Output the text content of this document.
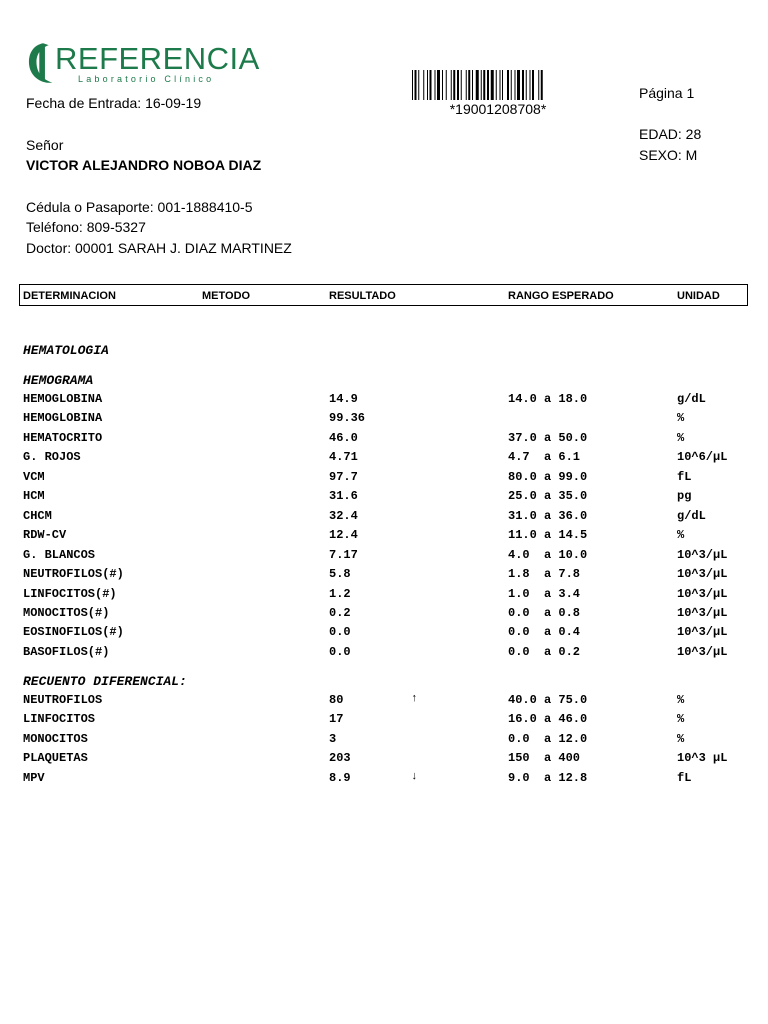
REFERENCIA
Laboratorio Clínico
*19001208708*
Fecha de Entrada: 16-09-19
Página 1
EDAD: 28
SEXO: M
Señor
VICTOR ALEJANDRO NOBOA DIAZ
Cédula o Pasaporte: 001-1888410-5
Teléfono: 809-5327
Doctor: 00001 SARAH J. DIAZ MARTINEZ
DETERMINACION	METODO	RESULTADO	RANGO ESPERADO	UNIDAD
HEMATOLOGIA
HEMOGRAMA
HEMOGLOBINA	14.9	14.0 a 18.0	g/dL
HEMOGLOBINA	99.36	%
HEMATOCRITO	46.0	37.0 a 50.0	%
G. ROJOS	4.71	4.7  a 6.1	10^6/µL
VCM	97.7	80.0 a 99.0	fL
HCM	31.6	25.0 a 35.0	pg
CHCM	32.4	31.0 a 36.0	g/dL
RDW-CV	12.4	11.0 a 14.5	%
G. BLANCOS	7.17	4.0  a 10.0	10^3/µL
NEUTROFILOS(#)	5.8	1.8  a 7.8	10^3/µL
LINFOCITOS(#)	1.2	1.0  a 3.4	10^3/µL
MONOCITOS(#)	0.2	0.0  a 0.8	10^3/µL
EOSINOFILOS(#)	0.0	0.0  a 0.4	10^3/µL
BASOFILOS(#)	0.0	0.0  a 0.2	10^3/µL
RECUENTO DIFERENCIAL:
NEUTROFILOS	80	↑	40.0 a 75.0	%
LINFOCITOS	17	16.0 a 46.0	%
MONOCITOS	3	0.0  a 12.0	%
PLAQUETAS	203	150  a 400	10^3 µL
MPV	8.9	↓	9.0  a 12.8	fL
